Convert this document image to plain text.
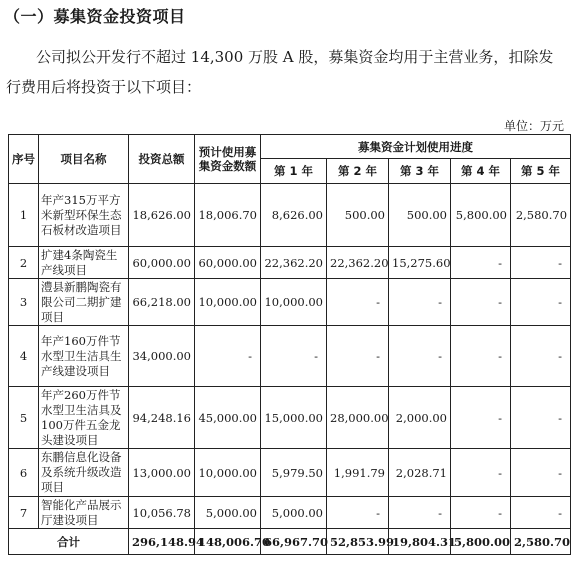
（一）募集资金投资项目
公司拟公开发行不超过 14,300 万股 A 股，募集资金均用于主营业务，扣除发行费用后将投资于以下项目：
单位：万元
序号	项目名称	投资总额	预计使用募集资金数额	募集资金计划使用进度				
				第 1 年	第 2 年	第 3 年	第 4 年	第 5 年
1	年产315万平方米新型环保生态石板材改造项目	18,626.00	18,006.70	8,626.00	500.00	500.00	5,800.00	2,580.70
2	扩建4条陶瓷生产线项目	60,000.00	60,000.00	22,362.20	22,362.20	15,275.60	-	-
3	澧县新鹏陶瓷有限公司二期扩建项目	66,218.00	10,000.00	10,000.00	-	-	-	-
4	年产160万件节水型卫生洁具生产线建设项目	34,000.00	-	-	-	-	-	-
5	年产260万件节水型卫生洁具及100万件五金龙头建设项目	94,248.16	45,000.00	15,000.00	28,000.00	2,000.00	-	-
6	东鹏信息化设备及系统升级改造项目	13,000.00	10,000.00	5,979.50	1,991.79	2,028.71	-	-
7	智能化产品展示厅建设项目	10,056.78	5,000.00	5,000.00	-	-	-	-
合计		296,148.94	148,006.70	66,967.70	52,853.99	19,804.31	5,800.00	2,580.70
